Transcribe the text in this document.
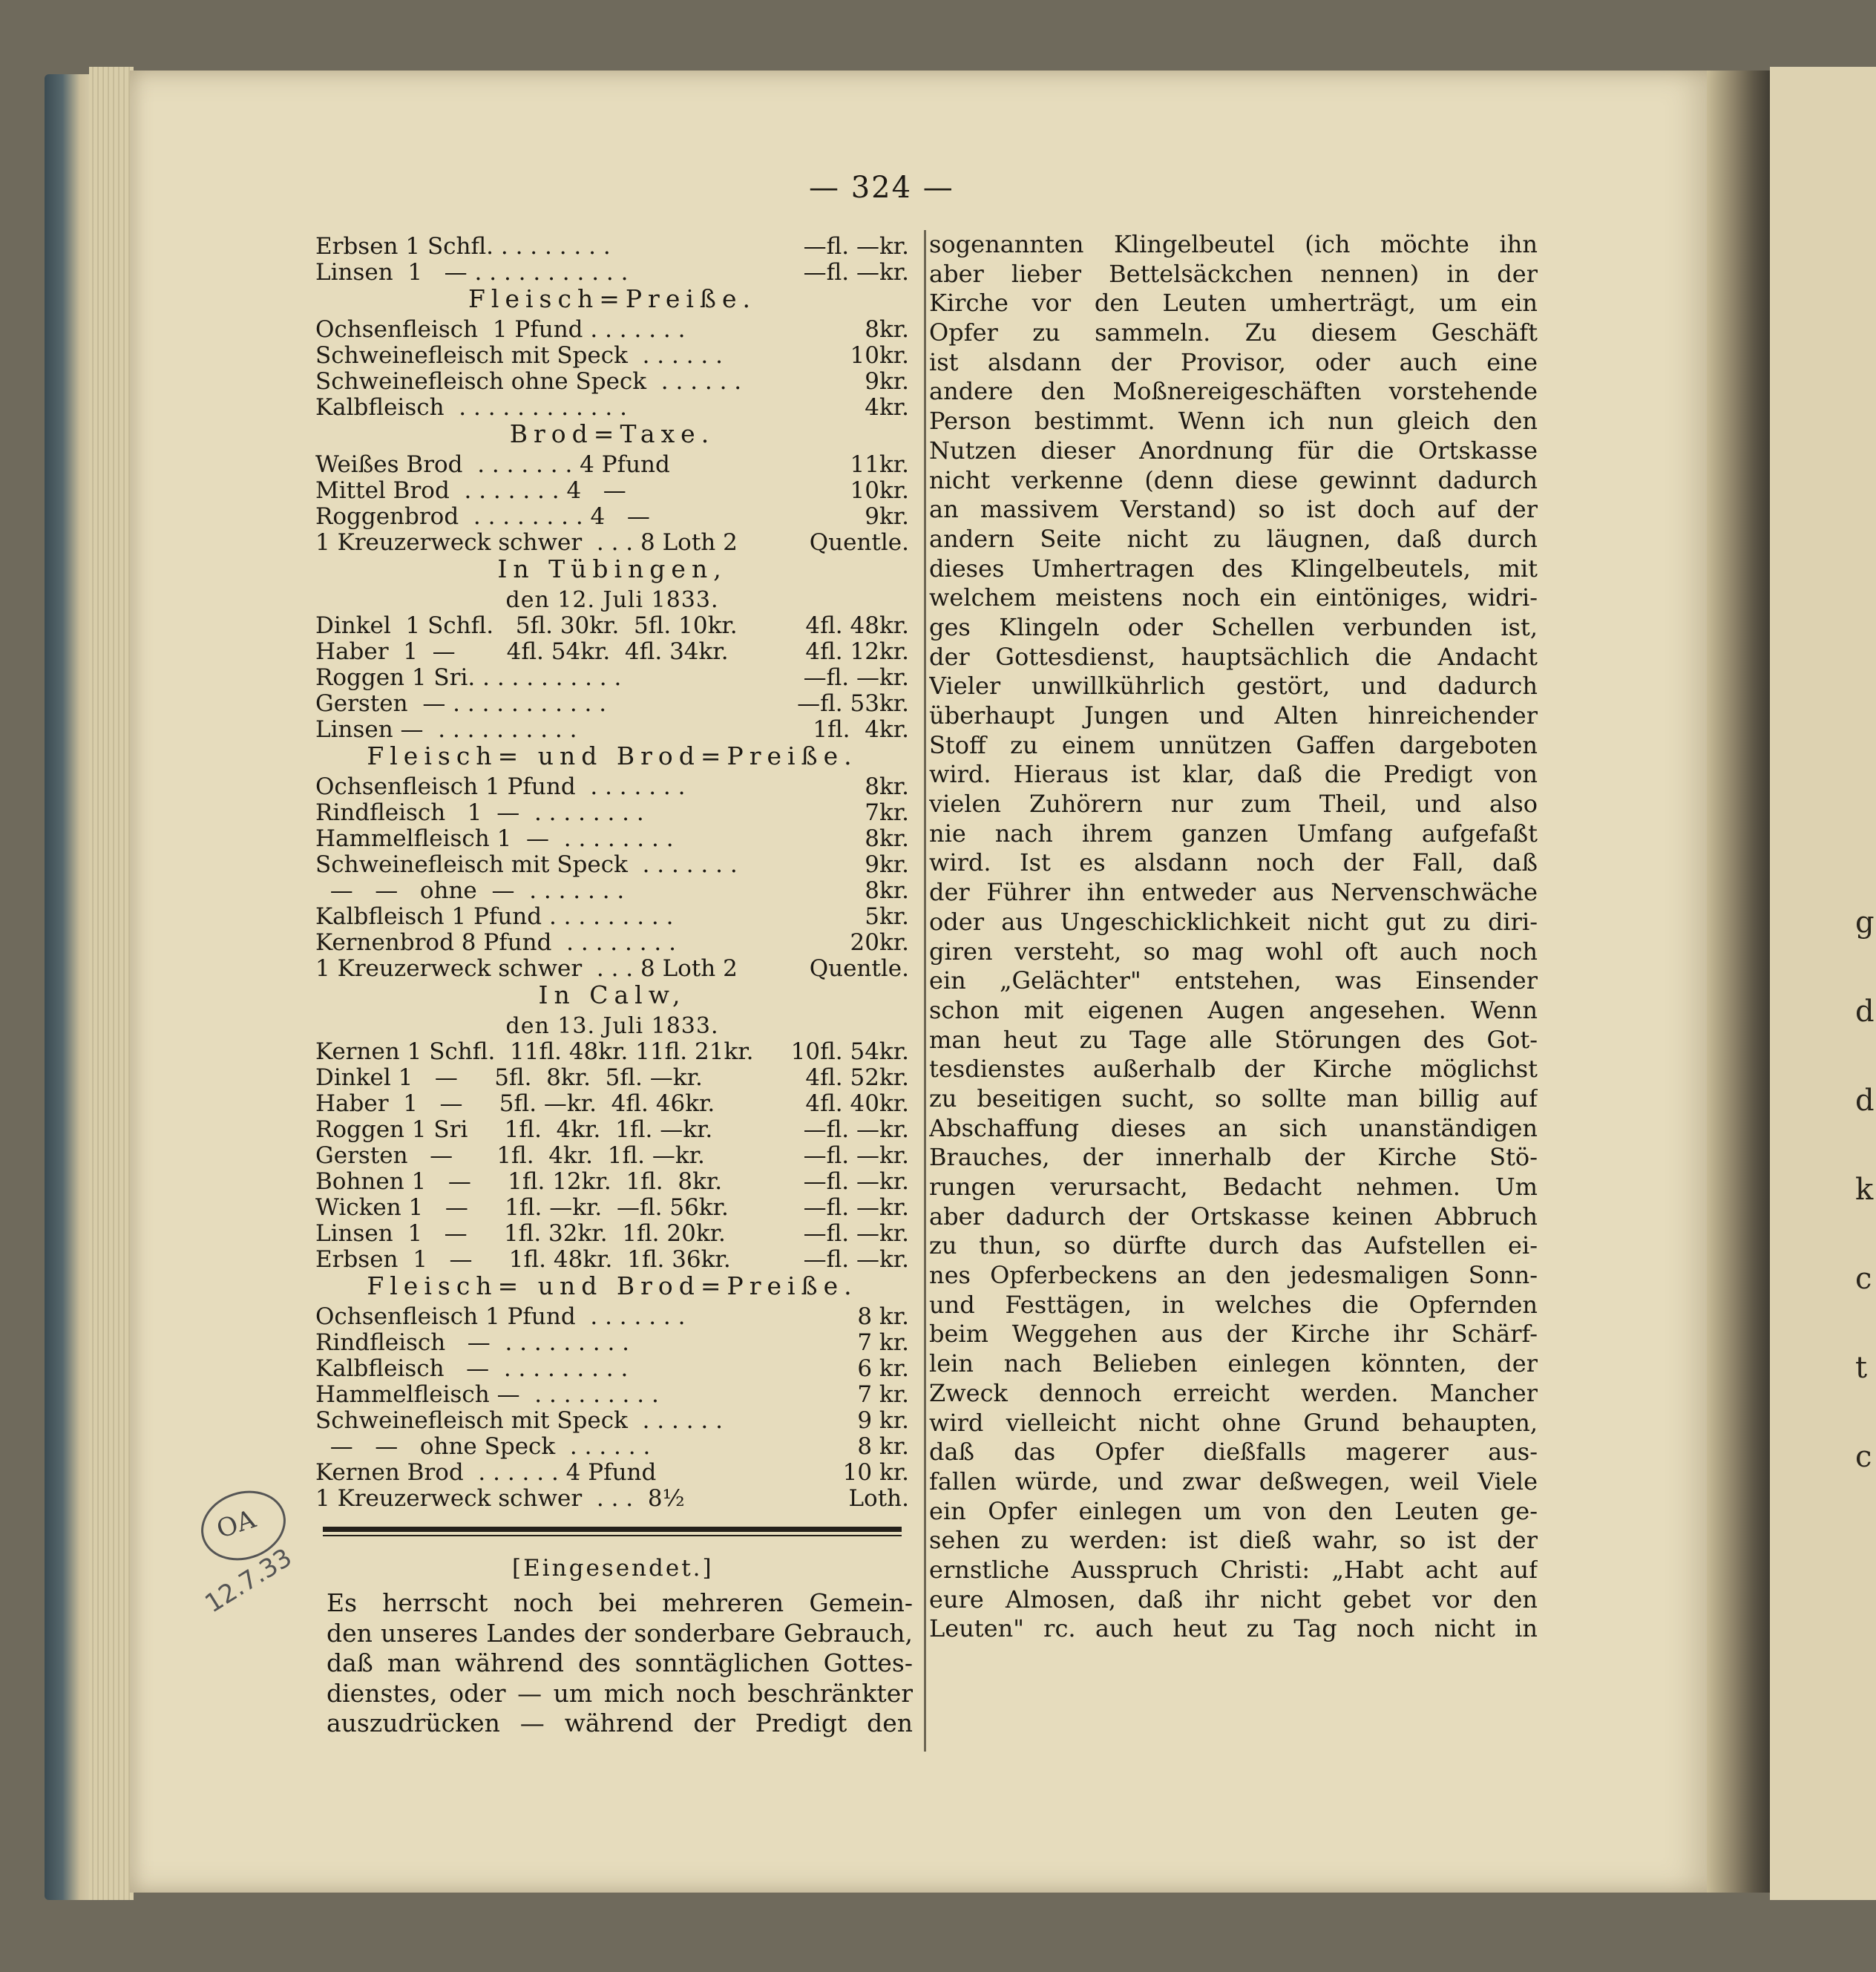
g
d
d
k
c
t
c
— 324 —
Erbsen 1 Schfl. . . . . . . . .	—fl. —kr.
Linsen  1   — . . . . . . . . . . .	—fl. —kr.
Fleisch=Preiße.
Ochsenfleisch  1 Pfund . . . . . . .	8kr.
Schweinefleisch mit Speck  . . . . . .	10kr.
Schweinefleisch ohne Speck  . . . . . .	9kr.
Kalbfleisch  . . . . . . . . . . . .	4kr.
Brod=Taxe.
Weißes Brod  . . . . . . . 4 Pfund	11kr.
Mittel Brod  . . . . . . . 4   —	10kr.
Roggenbrod  . . . . . . . . 4   —	9kr.
1 Kreuzerweck schwer  . . . 8 Loth 2	Quentle.
In Tübingen,
den 12. Juli 1833.
Dinkel  1 Schfl.   5fl. 30kr.  5fl. 10kr.	4fl. 48kr.
Haber  1  —       4fl. 54kr.  4fl. 34kr.	4fl. 12kr.
Roggen 1 Sri. . . . . . . . . . .	—fl. —kr.
Gersten  — . . . . . . . . . . .	—fl. 53kr.
Linsen —  . . . . . . . . . .	1fl.  4kr.
Fleisch= und Brod=Preiße.
Ochsenfleisch 1 Pfund  . . . . . . .	8kr.
Rindfleisch   1  —  . . . . . . . .	7kr.
Hammelfleisch 1  —  . . . . . . . .	8kr.
Schweinefleisch mit Speck  . . . . . . .	9kr.
—   —   ohne  —  . . . . . . .	8kr.
Kalbfleisch 1 Pfund . . . . . . . . .	5kr.
Kernenbrod 8 Pfund  . . . . . . . .	20kr.
1 Kreuzerweck schwer  . . . 8 Loth 2	Quentle.
In Calw,
den 13. Juli 1833.
Kernen 1 Schfl.  11fl. 48kr. 11fl. 21kr. 10fl. 54kr.
Dinkel 1   —     5fl.  8kr.  5fl. —kr.	4fl. 52kr.
Haber  1   —     5fl. —kr.  4fl. 46kr.	4fl. 40kr.
Roggen 1 Sri     1fl.  4kr.  1fl. —kr.	—fl. —kr.
Gersten   —      1fl.  4kr.  1fl. —kr.	—fl. —kr.
Bohnen 1   —     1fl. 12kr.  1fl.  8kr.	—fl. —kr.
Wicken 1   —     1fl. —kr.  —fl. 56kr.	—fl. —kr.
Linsen  1   —     1fl. 32kr.  1fl. 20kr.	—fl. —kr.
Erbsen  1   —     1fl. 48kr.  1fl. 36kr.	—fl. —kr.
Fleisch= und Brod=Preiße.
Ochsenfleisch 1 Pfund  . . . . . . .	8 kr.
Rindfleisch   —  . . . . . . . . .	7 kr.
Kalbfleisch   —  . . . . . . . . .	6 kr.
Hammelfleisch —  . . . . . . . . .	7 kr.
Schweinefleisch mit Speck  . . . . . .	9 kr.
—   —   ohne Speck  . . . . . .	8 kr.
Kernen Brod  . . . . . . 4 Pfund	10 kr.
1 Kreuzerweck schwer  . . .  8½	Loth.
sogenannten Klingelbeutel (ich möchte ihn
aber lieber Bettelsäckchen nennen) in der
Kirche vor den Leuten umherträgt, um ein
Opfer zu sammeln. Zu diesem Geschäft
ist alsdann der Provisor, oder auch eine
andere den Moßnereigeschäften vorstehende
Person bestimmt. Wenn ich nun gleich den
Nutzen dieser Anordnung für die Ortskasse
nicht verkenne (denn diese gewinnt dadurch
an massivem Verstand) so ist doch auf der
andern Seite nicht zu läugnen, daß durch
dieses Umhertragen des Klingelbeutels, mit
welchem meistens noch ein eintöniges, widri-
ges Klingeln oder Schellen verbunden ist,
der Gottesdienst, hauptsächlich die Andacht
Vieler unwillkührlich gestört, und dadurch
überhaupt Jungen und Alten hinreichender
Stoff zu einem unnützen Gaffen dargeboten
wird. Hieraus ist klar, daß die Predigt von
vielen Zuhörern nur zum Theil, und also
nie nach ihrem ganzen Umfang aufgefaßt
wird. Ist es alsdann noch der Fall, daß
der Führer ihn entweder aus Nervenschwäche
oder aus Ungeschicklichkeit nicht gut zu diri-
giren versteht, so mag wohl oft auch noch
ein „Gelächter" entstehen, was Einsender
schon mit eigenen Augen angesehen. Wenn
man heut zu Tage alle Störungen des Got-
tesdienstes außerhalb der Kirche möglichst
zu beseitigen sucht, so sollte man billig auf
Abschaffung dieses an sich unanständigen
Brauches, der innerhalb der Kirche Stö-
rungen verursacht, Bedacht nehmen. Um
aber dadurch der Ortskasse keinen Abbruch
zu thun, so dürfte durch das Aufstellen ei-
nes Opferbeckens an den jedesmaligen Sonn-
und Festtägen, in welches die Opfernden
beim Weggehen aus der Kirche ihr Schärf-
lein nach Belieben einlegen könnten, der
Zweck dennoch erreicht werden. Mancher
wird vielleicht nicht ohne Grund behaupten,
daß das Opfer dießfalls magerer aus-
fallen würde, und zwar deßwegen, weil Viele
ein Opfer einlegen um von den Leuten ge-
sehen zu werden: ist dieß wahr, so ist der
ernstliche Ausspruch Christi: „Habt acht auf
eure Almosen, daß ihr nicht gebet vor den
Leuten" rc. auch heut zu Tag noch nicht in
[Eingesendet.]
Es herrscht noch bei mehreren Gemein-
den unseres Landes der sonderbare Gebrauch,
daß man während des sonntäglichen Gottes-
dienstes, oder — um mich noch beschränkter
auszudrücken — während der Predigt den
OA
12.7.33
